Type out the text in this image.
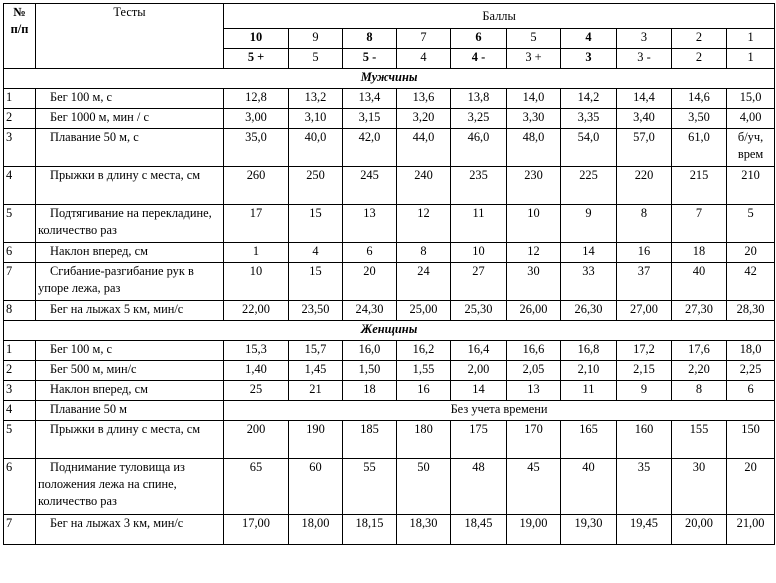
№
п/п	Тесты	Баллы									
		10	9	8	7	6	5	4	3	2	1
		5 +	5	5 -	4	4 -	3 +	3	3 -	2	1
Мужчины											
1	Бег 100 м, с	12,8	13,2	13,4	13,6	13,8	14,0	14,2	14,4	14,6	15,0
2	Бег 1000 м, мин / с	3,00	3,10	3,15	3,20	3,25	3,30	3,35	3,40	3,50	4,00
3	Плавание 50 м, с	35,0	40,0	42,0	44,0	46,0	48,0	54,0	57,0	61,0	б/уч, врем
4	Прыжки в длину с места, см	260	250	245	240	235	230	225	220	215	210
5	Подтягивание на перекладине, количество раз	17	15	13	12	11	10	9	8	7	5
6	Наклон вперед, см	1	4	6	8	10	12	14	16	18	20
7	Сгибание-разгибание рук в упоре лежа, раз	10	15	20	24	27	30	33	37	40	42
8	Бег на лыжах 5 км, мин/с	22,00	23,50	24,30	25,00	25,30	26,00	26,30	27,00	27,30	28,30
Женщины											
1	Бег 100 м, с	15,3	15,7	16,0	16,2	16,4	16,6	16,8	17,2	17,6	18,0
2	Бег 500 м, мин/с	1,40	1,45	1,50	1,55	2,00	2,05	2,10	2,15	2,20	2,25
3	Наклон вперед, см	25	21	18	16	14	13	11	9	8	6
4	Плавание 50 м	Без учета времени									
5	Прыжки в длину с места, см	200	190	185	180	175	170	165	160	155	150
6	Поднимание туловища из положения лежа на спине, количество раз	65	60	55	50	48	45	40	35	30	20
7	Бег на лыжах 3 км, мин/с	17,00	18,00	18,15	18,30	18,45	19,00	19,30	19,45	20,00	21,00
